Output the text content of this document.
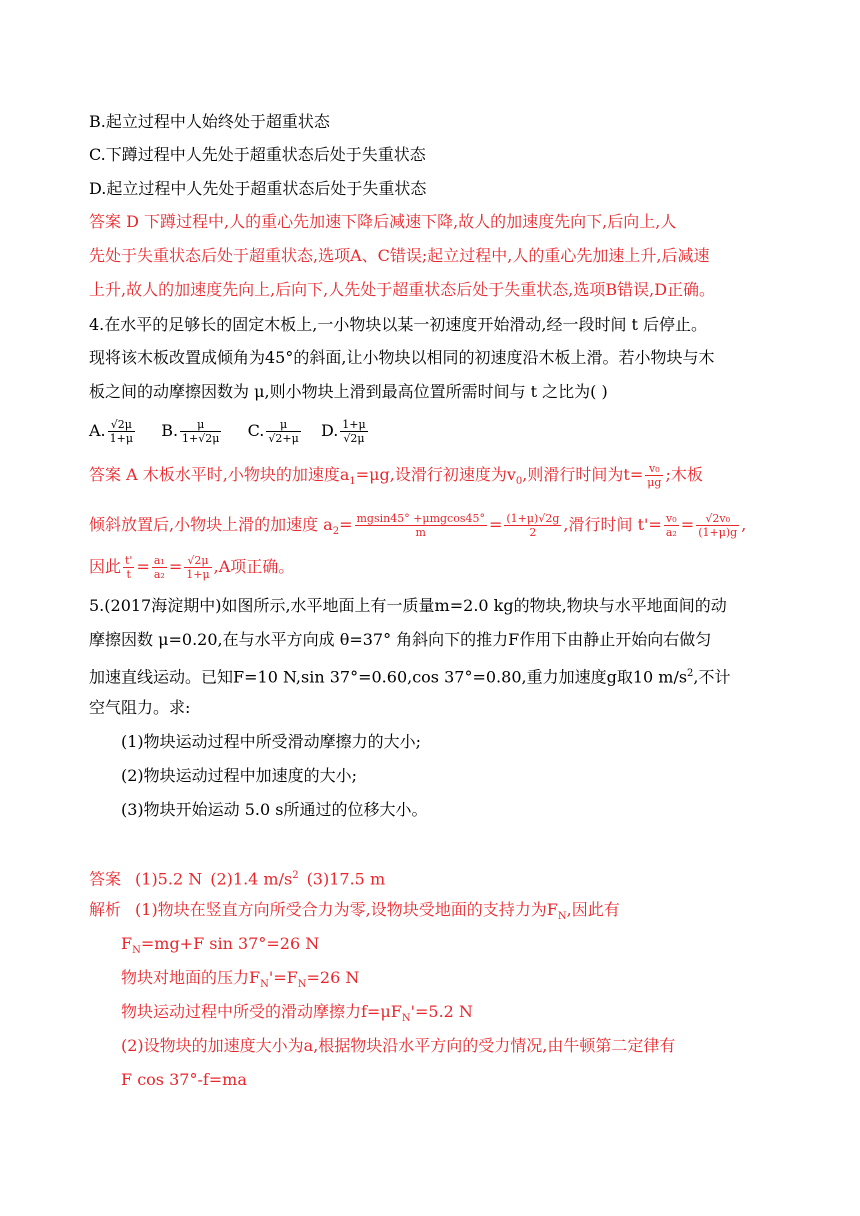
B.起立过程中人始终处于超重状态
C.下蹲过程中人先处于超重状态后处于失重状态
D.起立过程中人先处于超重状态后处于失重状态
答案 D 下蹲过程中,人的重心先加速下降后减速下降,故人的加速度先向下,后向上,人
先处于失重状态后处于超重状态,选项A、C错误;起立过程中,人的重心先加速上升,后减速
上升,故人的加速度先向上,后向下,人先处于超重状态后处于失重状态,选项B错误,D正确。
4.在水平的足够长的固定木板上,一小物块以某一初速度开始滑动,经一段时间 t 后停止。
现将该木板改置成倾角为45°的斜面,让小物块以相同的初速度沿木板上滑。若小物块与木
板之间的动摩擦因数为 μ,则小物块上滑到最高位置所需时间与 t 之比为( )
A. $\frac{√2\mu}{1+\mu} B$. $\frac{\mu}{1+√2\mu} C$. $\frac{\mu}{√2+\mu} D$. $\frac{1+\mu}{√2\mu}$
答案 A 木板水平时,小物块的加速度$a_1=\mu g$,设滑行初速度为$v_0$,则滑行时间为$t= \frac{\text{v₀}}{\mu g}$ ;木板
倾斜放置后,小物块上滑的加速度 $a_2= \frac{\text{mgsin45° +μmgcos45°}}{m} = \frac{(1+\mu)√2g}{2}$ ,滑行时间 $t'= \frac{\text{v₀}}{\text{a₂}} = \frac{\text{√2v₀}}{(1+\mu)g}$ ,
因此 $\frac{t'}{t} = \frac{\text{a₁}}{\text{a₂}} = \frac{√2\mu}{1+\mu} ,A$项正确。
5.(2017海淀期中)如图所示,水平地面上有一质量m=2.0 kg的物块,物块与水平地面间的动
摩擦因数 μ=0.20,在与水平方向成 θ=37° 角斜向下的推力F作用下由静止开始向右做匀
加速直线运动。已知F=10 N,sin 37°=0.60,cos 37°=0.80,重力加速度g取10 $m/s^2$,不计
空气阻力。求:
(1)物块运动过程中所受滑动摩擦力的大小;
(2)物块运动过程中加速度的大小;
(3)物块开始运动 5.0 s所通过的位移大小。
答案 (1)5.2 N (2)1.4 $m/s^2$ (3)17.5 m
解析 (1)物块在竖直方向所受合力为零,设物块受地面的支持力为$F_N$,因此有
$F_N=mg+F$ sin 37°=26 N
物块对地面的压力$F_N'=F_N=26$ N
物块运动过程中所受的滑动摩擦力$f=\mu F_N'=5.2$ N
(2)设物块的加速度大小为a,根据物块沿水平方向的受力情况,由牛顿第二定律有
F cos 37°-f=ma
